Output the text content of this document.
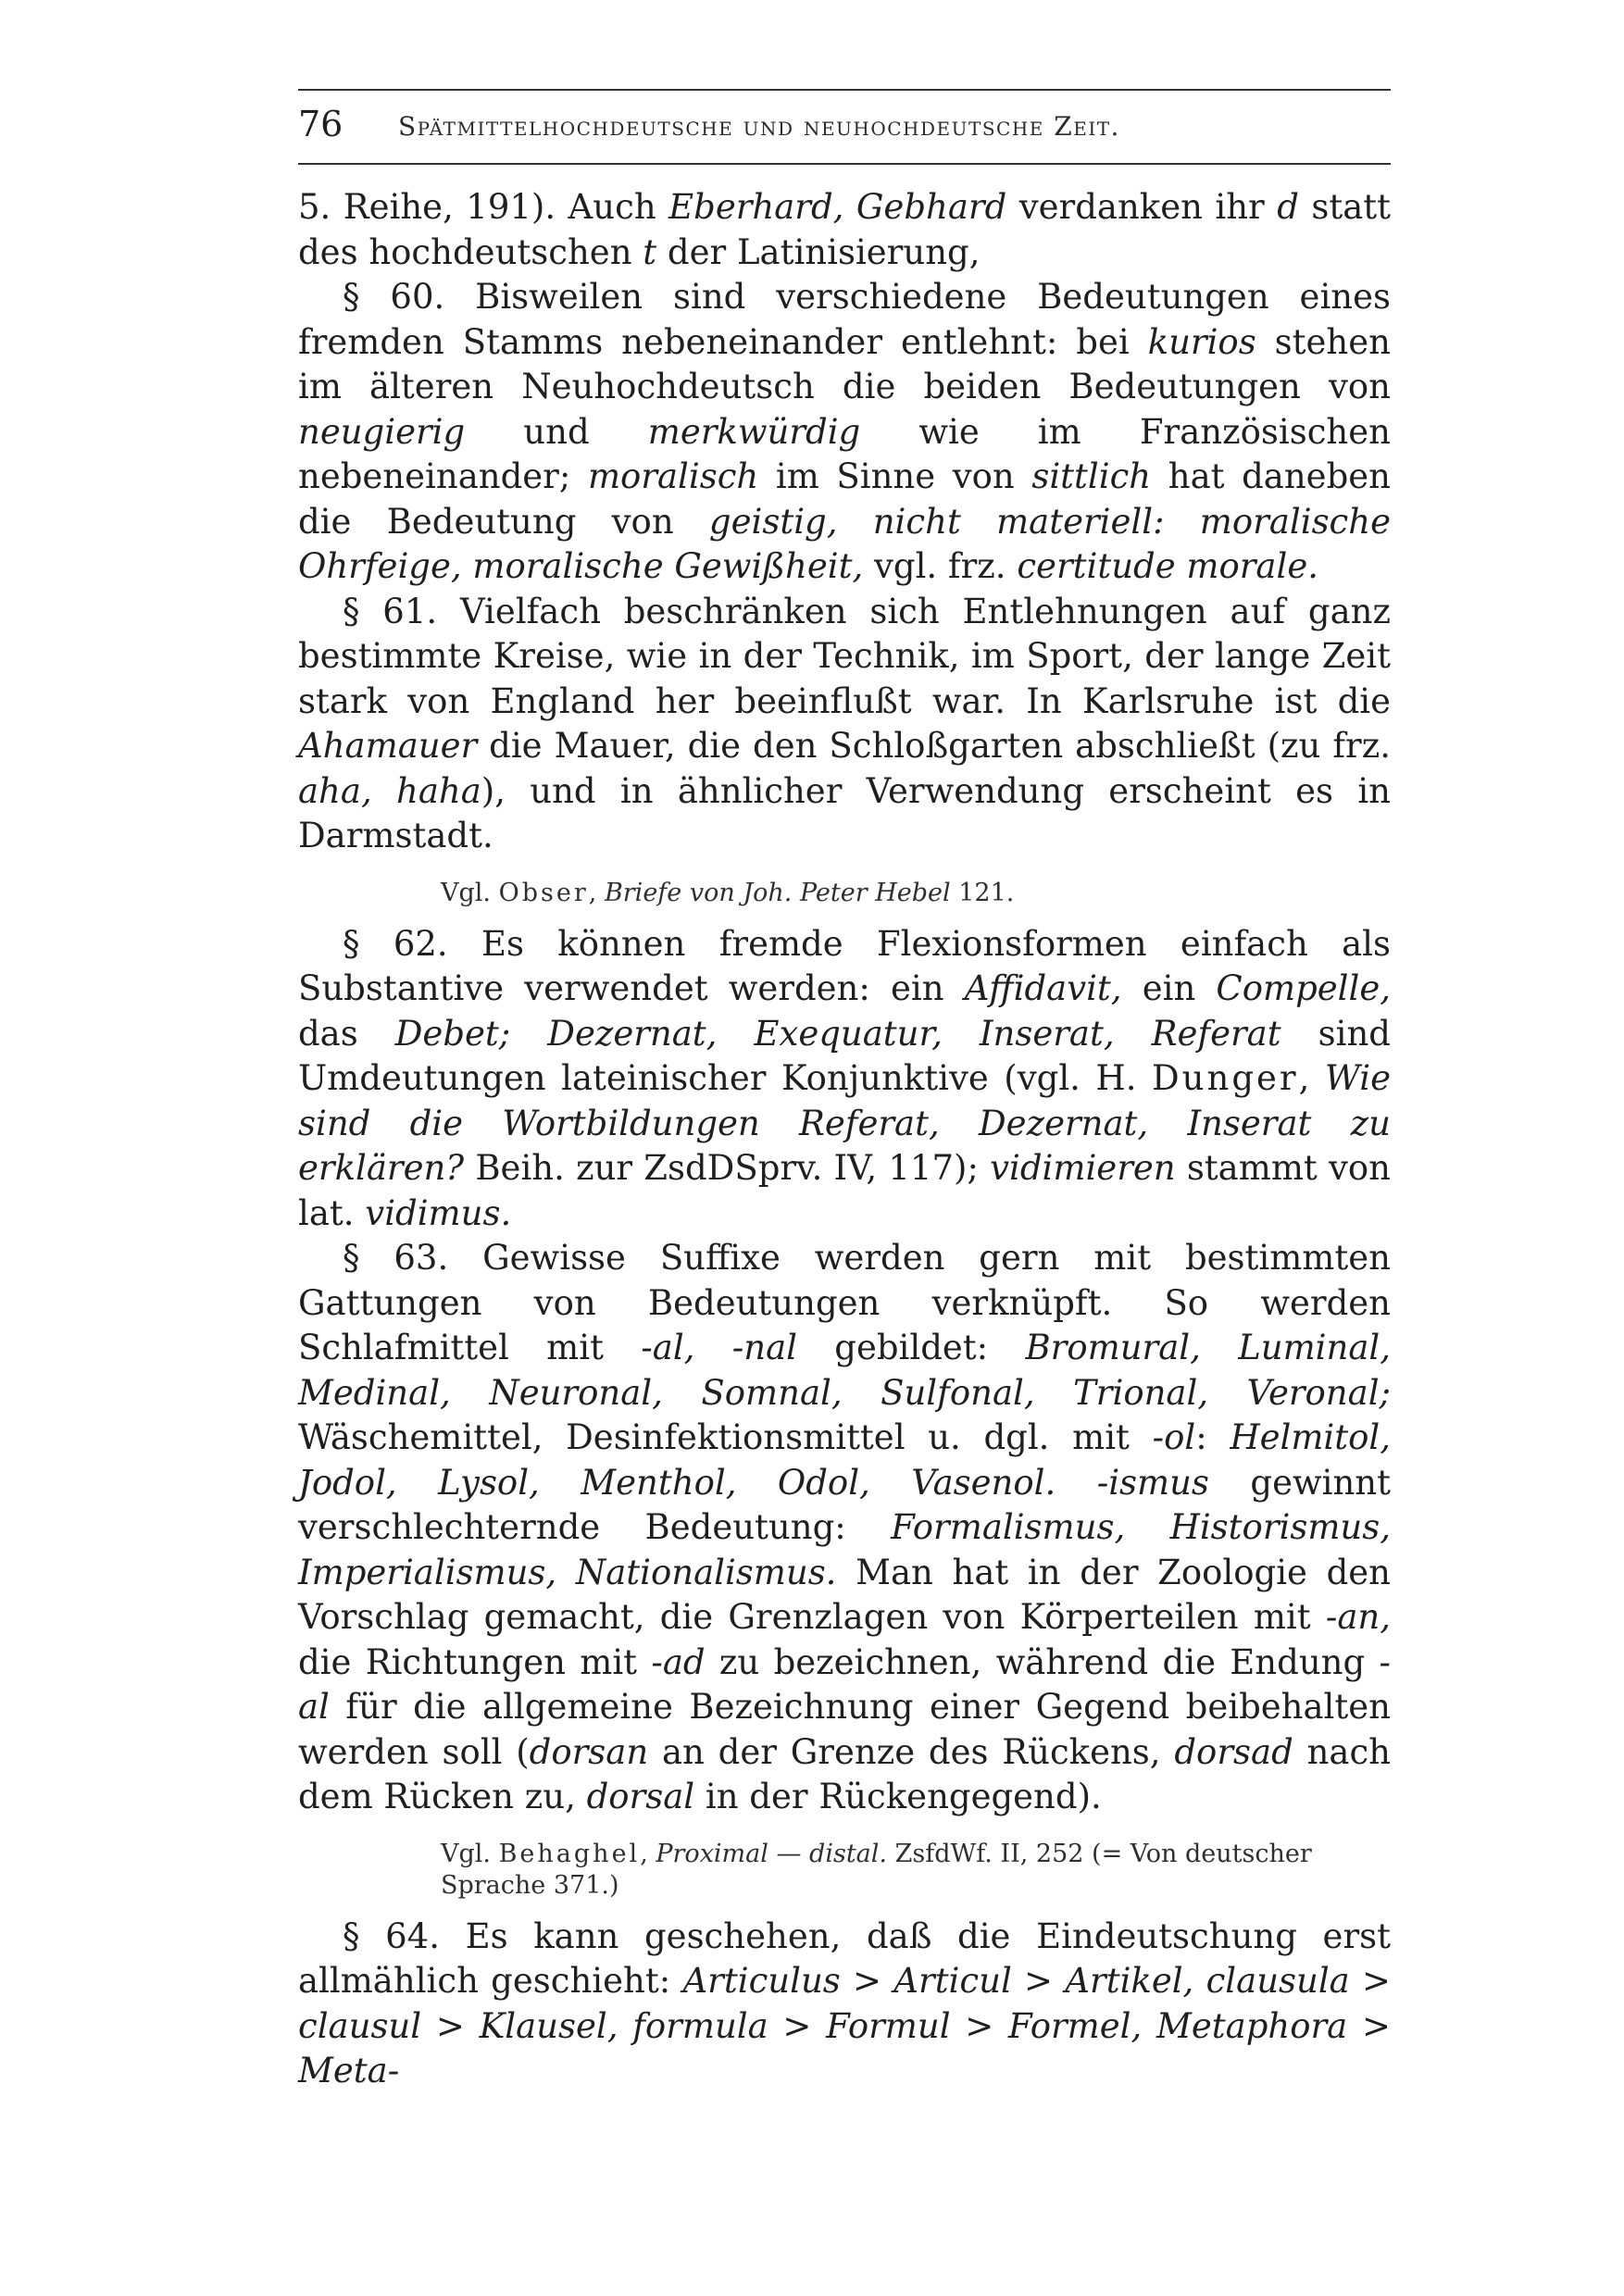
76 Spätmittelhochdeutsche und neuhochdeutsche Zeit.

5. Reihe, 191). Auch Eberhard, Gebhard verdanken ihr d statt des hochdeutschen t der Latinisierung,

§ 60. Bisweilen sind verschiedene Bedeutungen eines fremden Stamms nebeneinander entlehnt: bei kurios stehen im älteren Neuhochdeutsch die beiden Bedeutungen von neugierig und merkwürdig wie im Französischen nebeneinander; moralisch im Sinne von sittlich hat daneben die Bedeutung von geistig, nicht materiell: moralische Ohrfeige, moralische Gewißheit, vgl. frz. certitude morale.

§ 61. Vielfach beschränken sich Entlehnungen auf ganz bestimmte Kreise, wie in der Technik, im Sport, der lange Zeit stark von England her beeinflußt war. In Karlsruhe ist die Ahamauer die Mauer, die den Schloßgarten abschließt (zu frz. aha, haha), und in ähnlicher Verwendung erscheint es in Darmstadt.

Vgl. Obser, Briefe von Joh. Peter Hebel 121.

§ 62. Es können fremde Flexionsformen einfach als Substantive verwendet werden: ein Affidavit, ein Compelle, das Debet; Dezernat, Exequatur, Inserat, Referat sind Umdeutungen lateinischer Konjunktive (vgl. H. Dunger, Wie sind die Wortbildungen Referat, Dezernat, Inserat zu erklären? Beih. zur ZsdDSprv. IV, 117); vidimieren stammt von lat. vidimus.

§ 63. Gewisse Suffixe werden gern mit bestimmten Gattungen von Bedeutungen verknüpft. So werden Schlafmittel mit -al, -nal gebildet: Bromural, Luminal, Medinal, Neuronal, Somnal, Sulfonal, Trional, Veronal; Wäschemittel, Desinfektionsmittel u. dgl. mit -ol: Helmitol, Jodol, Lysol, Menthol, Odol, Vasenol. -ismus gewinnt verschlechternde Bedeutung: Formalismus, Historismus, Imperialismus, Nationalismus. Man hat in der Zoologie den Vorschlag gemacht, die Grenzlagen von Körperteilen mit -an, die Richtungen mit -ad zu bezeichnen, während die Endung -al für die allgemeine Bezeichnung einer Gegend beibehalten werden soll (dorsan an der Grenze des Rückens, dorsad nach dem Rücken zu, dorsal in der Rückengegend).

Vgl. Behaghel, Proximal — distal. ZsfdWf. II, 252 (= Von deutscher Sprache 371.)

§ 64. Es kann geschehen, daß die Eindeutschung erst allmählich geschieht: Articulus > Articul > Artikel, clausula > clausul > Klausel, formula > Formul > Formel, Metaphora > Meta-
